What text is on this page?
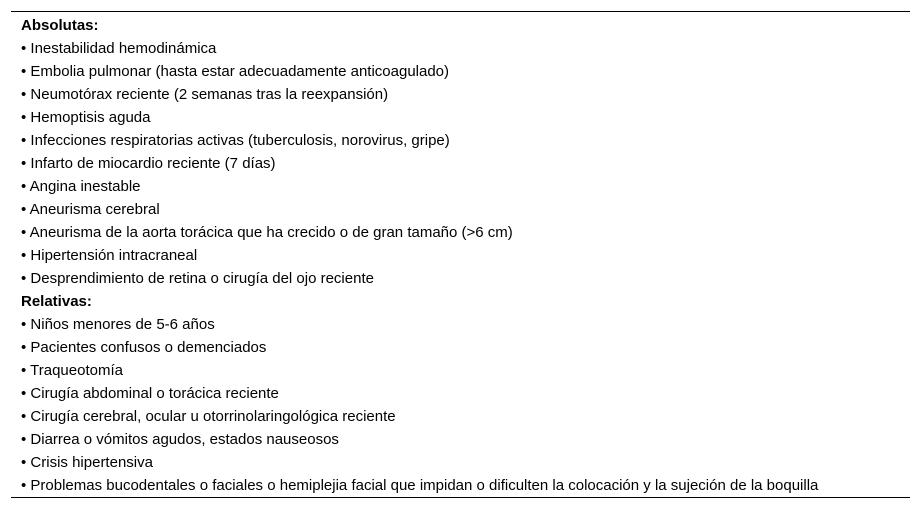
Absolutas:
• Inestabilidad hemodinámica
• Embolia pulmonar (hasta estar adecuadamente anticoagulado)
• Neumotórax reciente (2 semanas tras la reexpansión)
• Hemoptisis aguda
• Infecciones respiratorias activas (tuberculosis, norovirus, gripe)
• Infarto de miocardio reciente (7 días)
• Angina inestable
• Aneurisma cerebral
• Aneurisma de la aorta torácica que ha crecido o de gran tamaño (>6 cm)
• Hipertensión intracraneal
• Desprendimiento de retina o cirugía del ojo reciente
Relativas:
• Niños menores de 5-6 años
• Pacientes confusos o demenciados
• Traqueotomía
• Cirugía abdominal o torácica reciente
• Cirugía cerebral, ocular u otorrinolaringológica reciente
• Diarrea o vómitos agudos, estados nauseosos
• Crisis hipertensiva
• Problemas bucodentales o faciales o hemiplejia facial que impidan o dificulten la colocación y la sujeción de la boquilla
